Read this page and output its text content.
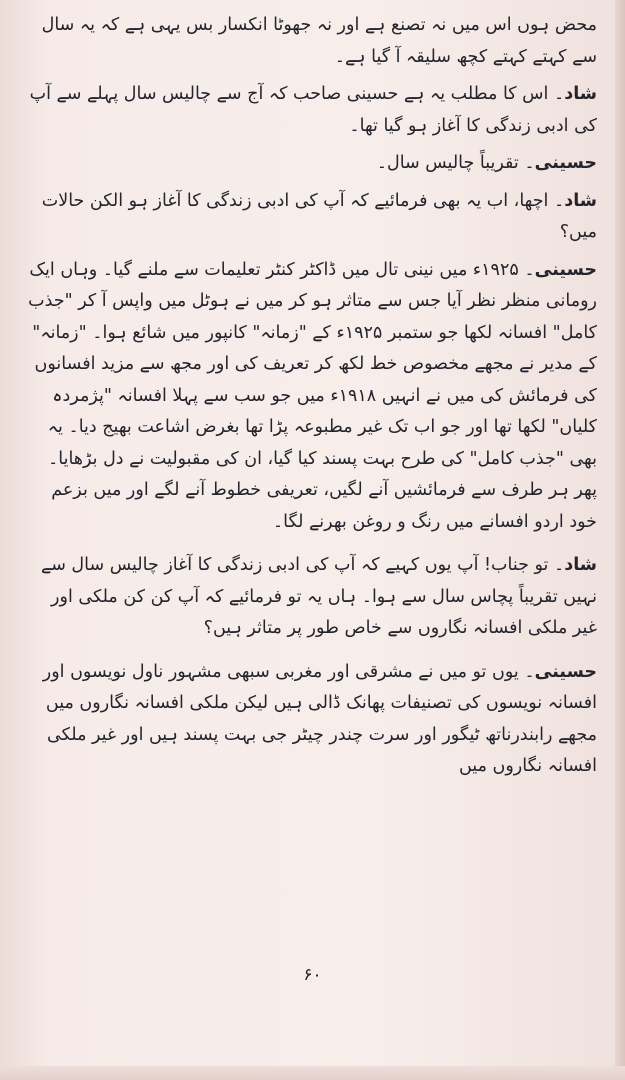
محض ہوں اس میں نہ تصنع ہے اور نہ جھوٹا انکسار بس یہی ہے کہ یہ سال سے کہتے کہتے کچھ سلیقہ آ گیا ہے۔

شاد۔ اس کا مطلب یہ ہے حسینی صاحب کہ آج سے چالیس سال پہلے سے آپ کی ادبی زندگی کا آغاز ہو گیا تھا۔

حسینی۔ تقریباً چالیس سال۔

شاد۔ اچھا، اب یہ بھی فرمائیے کہ آپ کی ادبی زندگی کا آغاز ہو الکن حالات میں؟

حسینی۔ ۱۹۲۵ء میں نینی تال میں ڈاکٹر کنٹر تعلیمات سے ملنے گیا۔ وہاں ایک رومانی منظر نظر آیا جس سے متاثر ہو کر میں نے ہوٹل میں واپس آ کر "جذب کامل" افسانہ لکھا جو ستمبر ۱۹۲۵ء کے "زمانہ" کانپور میں شائع ہوا۔ "زمانہ" کے مدیر نے مجھے مخصوص خط لکھ کر تعریف کی اور مجھ سے مزید افسانوں کی فرمائش کی میں نے انہیں ۱۹۱۸ء میں جو سب سے پہلا افسانہ "پژمردہ کلیاں" لکھا تھا اور جو اب تک غیر مطبوعہ پڑا تھا بغرض اشاعت بھیج دیا۔ یہ بھی "جذب کامل" کی طرح بہت پسند کیا گیا، ان کی مقبولیت نے دل بڑھایا۔ پھر ہر طرف سے فرمائشیں آنے لگیں، تعریفی خطوط آنے لگے اور میں بزعم خود اردو افسانے میں رنگ و روغن بھرنے لگا۔

شاد۔ تو جناب! آپ یوں کہیے کہ آپ کی ادبی زندگی کا آغاز چالیس سال سے نہیں تقریباً پچاس سال سے ہوا۔ ہاں یہ تو فرمائیے کہ آپ کن کن ملکی اور غیر ملکی افسانہ نگاروں سے خاص طور پر متاثر ہیں؟

حسینی۔ یوں تو میں نے مشرقی اور مغربی سبھی مشہور ناول نویسوں اور افسانہ نویسوں کی تصنیفات پھانک ڈالی ہیں لیکن ملکی افسانہ نگاروں میں مجھے رابندرناتھ ٹیگور اور سرت چندر چیٹر جی بہت پسند ہیں اور غیر ملکی افسانہ نگاروں میں

۶۰
